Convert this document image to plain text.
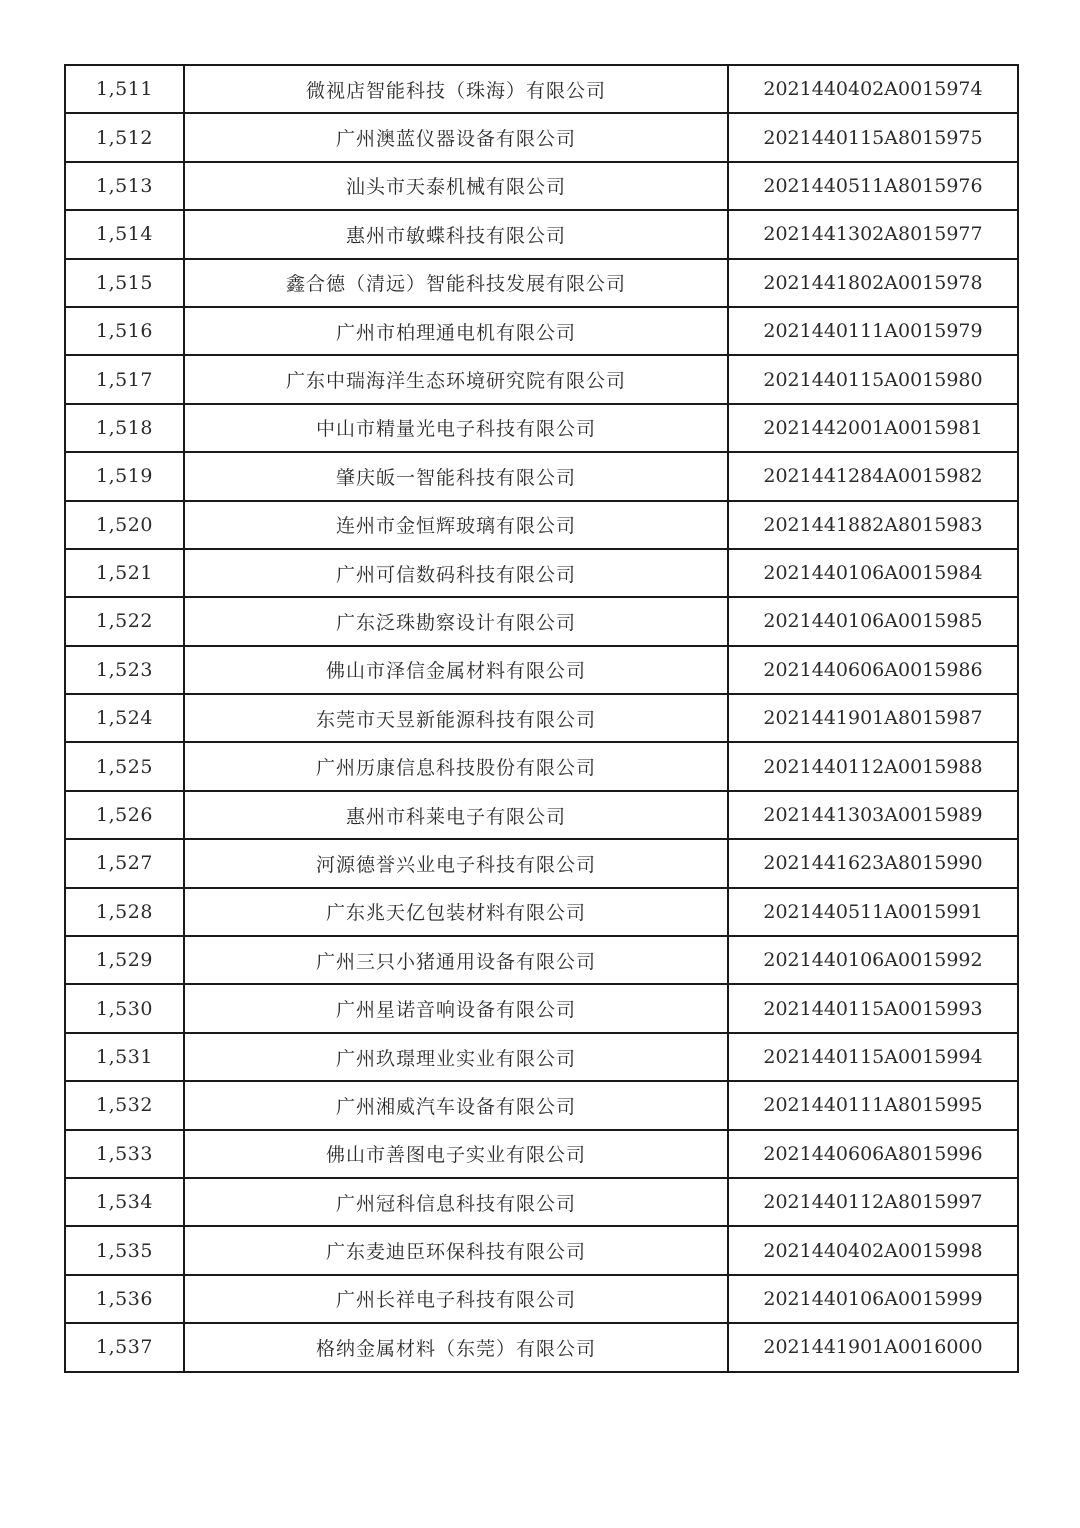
1,511	微视店智能科技（珠海）有限公司	2021440402A0015974
1,512	广州澳蓝仪器设备有限公司	2021440115A8015975
1,513	汕头市天泰机械有限公司	2021440511A8015976
1,514	惠州市敏蝶科技有限公司	2021441302A8015977
1,515	鑫合德（清远）智能科技发展有限公司	2021441802A0015978
1,516	广州市柏理通电机有限公司	2021440111A0015979
1,517	广东中瑞海洋生态环境研究院有限公司	2021440115A0015980
1,518	中山市精量光电子科技有限公司	2021442001A0015981
1,519	肇庆皈一智能科技有限公司	2021441284A0015982
1,520	连州市金恒辉玻璃有限公司	2021441882A8015983
1,521	广州可信数码科技有限公司	2021440106A0015984
1,522	广东泛珠勘察设计有限公司	2021440106A0015985
1,523	佛山市泽信金属材料有限公司	2021440606A0015986
1,524	东莞市天昱新能源科技有限公司	2021441901A8015987
1,525	广州历康信息科技股份有限公司	2021440112A0015988
1,526	惠州市科莱电子有限公司	2021441303A0015989
1,527	河源德誉兴业电子科技有限公司	2021441623A8015990
1,528	广东兆天亿包装材料有限公司	2021440511A0015991
1,529	广州三只小猪通用设备有限公司	2021440106A0015992
1,530	广州星诺音响设备有限公司	2021440115A0015993
1,531	广州玖璟理业实业有限公司	2021440115A0015994
1,532	广州湘威汽车设备有限公司	2021440111A8015995
1,533	佛山市善图电子实业有限公司	2021440606A8015996
1,534	广州冠科信息科技有限公司	2021440112A8015997
1,535	广东麦迪臣环保科技有限公司	2021440402A0015998
1,536	广州长祥电子科技有限公司	2021440106A0015999
1,537	格纳金属材料（东莞）有限公司	2021441901A0016000
